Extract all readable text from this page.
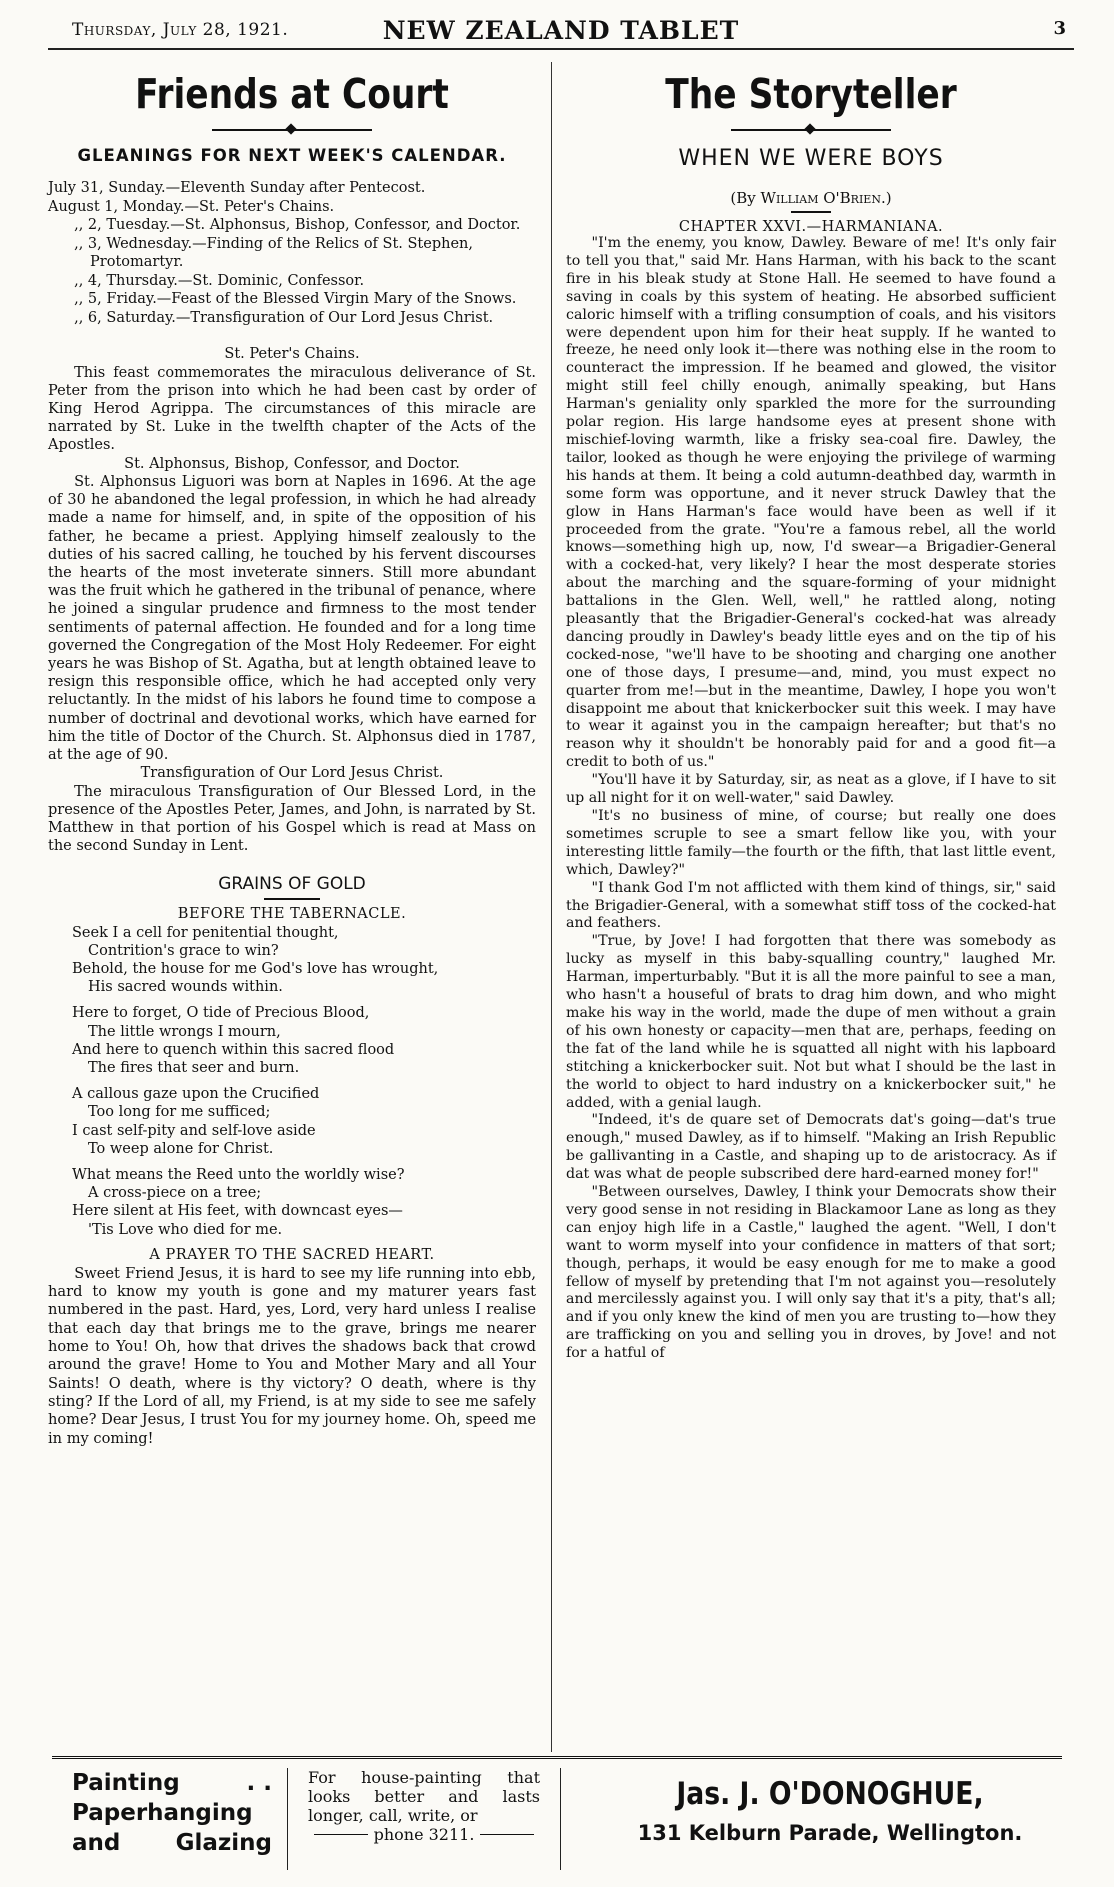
Thursday, July 28, 1921.	NEW ZEALAND TABLET	3
Friends at Court
GLEANINGS FOR NEXT WEEK'S CALENDAR.
July 31, Sunday.—Eleventh Sunday after Pentecost.
August 1, Monday.—St. Peter's Chains.
,, 2, Tuesday.—St. Alphonsus, Bishop, Confessor, and Doctor.
,, 3, Wednesday.—Finding of the Relics of St. Stephen, Protomartyr.
,, 4, Thursday.—St. Dominic, Confessor.
,, 5, Friday.—Feast of the Blessed Virgin Mary of the Snows.
,, 6, Saturday.—Transfiguration of Our Lord Jesus Christ.
St. Peter's Chains.

This feast commemorates the miraculous deliverance of St. Peter from the prison into which he had been cast by order of King Herod Agrippa. The circumstances of this miracle are narrated by St. Luke in the twelfth chapter of the Acts of the Apostles.

St. Alphonsus, Bishop, Confessor, and Doctor.

St. Alphonsus Liguori was born at Naples in 1696. At the age of 30 he abandoned the legal profession, in which he had already made a name for himself, and, in spite of the opposition of his father, he became a priest. Applying himself zealously to the duties of his sacred calling, he touched by his fervent discourses the hearts of the most inveterate sinners. Still more abundant was the fruit which he gathered in the tribunal of penance, where he joined a singular prudence and firmness to the most tender sentiments of paternal affection. He founded and for a long time governed the Congregation of the Most Holy Redeemer. For eight years he was Bishop of St. Agatha, but at length obtained leave to resign this responsible office, which he had accepted only very reluctantly. In the midst of his labors he found time to compose a number of doctrinal and devotional works, which have earned for him the title of Doctor of the Church. St. Alphonsus died in 1787, at the age of 90.

Transfiguration of Our Lord Jesus Christ.

The miraculous Transfiguration of Our Blessed Lord, in the presence of the Apostles Peter, James, and John, is narrated by St. Matthew in that portion of his Gospel which is read at Mass on the second Sunday in Lent.

GRAINS OF GOLD
BEFORE THE TABERNACLE.
Seek I a cell for penitential thought,
Contrition's grace to win?
Behold, the house for me God's love has wrought,
His sacred wounds within.
Here to forget, O tide of Precious Blood,
The little wrongs I mourn,
And here to quench within this sacred flood
The fires that seer and burn.
A callous gaze upon the Crucified
Too long for me sufficed;
I cast self-pity and self-love aside
To weep alone for Christ.
What means the Reed unto the worldly wise?
A cross-piece on a tree;
Here silent at His feet, with downcast eyes—
'Tis Love who died for me.
A PRAYER TO THE SACRED HEART.

Sweet Friend Jesus, it is hard to see my life running into ebb, hard to know my youth is gone and my maturer years fast numbered in the past. Hard, yes, Lord, very hard unless I realise that each day that brings me to the grave, brings me nearer home to You! Oh, how that drives the shadows back that crowd around the grave! Home to You and Mother Mary and all Your Saints! O death, where is thy victory? O death, where is thy sting? If the Lord of all, my Friend, is at my side to see me safely home? Dear Jesus, I trust You for my journey home. Oh, speed me in my coming!

The Storyteller
WHEN WE WERE BOYS
(By William O'Brien.)
CHAPTER XXVI.—HARMANIANA.

"I'm the enemy, you know, Dawley. Beware of me! It's only fair to tell you that," said Mr. Hans Harman, with his back to the scant fire in his bleak study at Stone Hall. He seemed to have found a saving in coals by this system of heating. He absorbed sufficient caloric himself with a trifling consumption of coals, and his visitors were dependent upon him for their heat supply. If he wanted to freeze, he need only look it—there was nothing else in the room to counteract the impression. If he beamed and glowed, the visitor might still feel chilly enough, animally speaking, but Hans Harman's geniality only sparkled the more for the surrounding polar region. His large handsome eyes at present shone with mischief-loving warmth, like a frisky sea-coal fire. Dawley, the tailor, looked as though he were enjoying the privilege of warming his hands at them. It being a cold autumn-deathbed day, warmth in some form was opportune, and it never struck Dawley that the glow in Hans Harman's face would have been as well if it proceeded from the grate. "You're a famous rebel, all the world knows—something high up, now, I'd swear—a Brigadier-General with a cocked-hat, very likely? I hear the most desperate stories about the marching and the square-forming of your midnight battalions in the Glen. Well, well," he rattled along, noting pleasantly that the Brigadier-General's cocked-hat was already dancing proudly in Dawley's beady little eyes and on the tip of his cocked-nose, "we'll have to be shooting and charging one another one of those days, I presume—and, mind, you must expect no quarter from me!—but in the meantime, Dawley, I hope you won't disappoint me about that knickerbocker suit this week. I may have to wear it against you in the campaign hereafter; but that's no reason why it shouldn't be honorably paid for and a good fit—a credit to both of us."

"You'll have it by Saturday, sir, as neat as a glove, if I have to sit up all night for it on well-water," said Dawley.

"It's no business of mine, of course; but really one does sometimes scruple to see a smart fellow like you, with your interesting little family—the fourth or the fifth, that last little event, which, Dawley?"

"I thank God I'm not afflicted with them kind of things, sir," said the Brigadier-General, with a somewhat stiff toss of the cocked-hat and feathers.

"True, by Jove! I had forgotten that there was somebody as lucky as myself in this baby-squalling country," laughed Mr. Harman, imperturbably. "But it is all the more painful to see a man, who hasn't a houseful of brats to drag him down, and who might make his way in the world, made the dupe of men without a grain of his own honesty or capacity—men that are, perhaps, feeding on the fat of the land while he is squatted all night with his lapboard stitching a knickerbocker suit. Not but what I should be the last in the world to object to hard industry on a knickerbocker suit," he added, with a genial laugh.

"Indeed, it's de quare set of Democrats dat's going—dat's true enough," mused Dawley, as if to himself. "Making an Irish Republic be gallivanting in a Castle, and shaping up to de aristocracy. As if dat was what de people subscribed dere hard-earned money for!"

"Between ourselves, Dawley, I think your Democrats show their very good sense in not residing in Blackamoor Lane as long as they can enjoy high life in a Castle," laughed the agent. "Well, I don't want to worm myself into your confidence in matters of that sort; though, perhaps, it would be easy enough for me to make a good fellow of myself by pretending that I'm not against you—resolutely and mercilessly against you. I will only say that it's a pity, that's all; and if you only knew the kind of men you are trusting to—how they are trafficking on you and selling you in droves, by Jove! and not for a hatful of

Painting	. .
Paperhanging
and Glazing
For house-painting that looks better and lasts longer, call, write, or
phone 3211.
Jas. J. O'DONOGHUE,
131 Kelburn Parade, Wellington.
